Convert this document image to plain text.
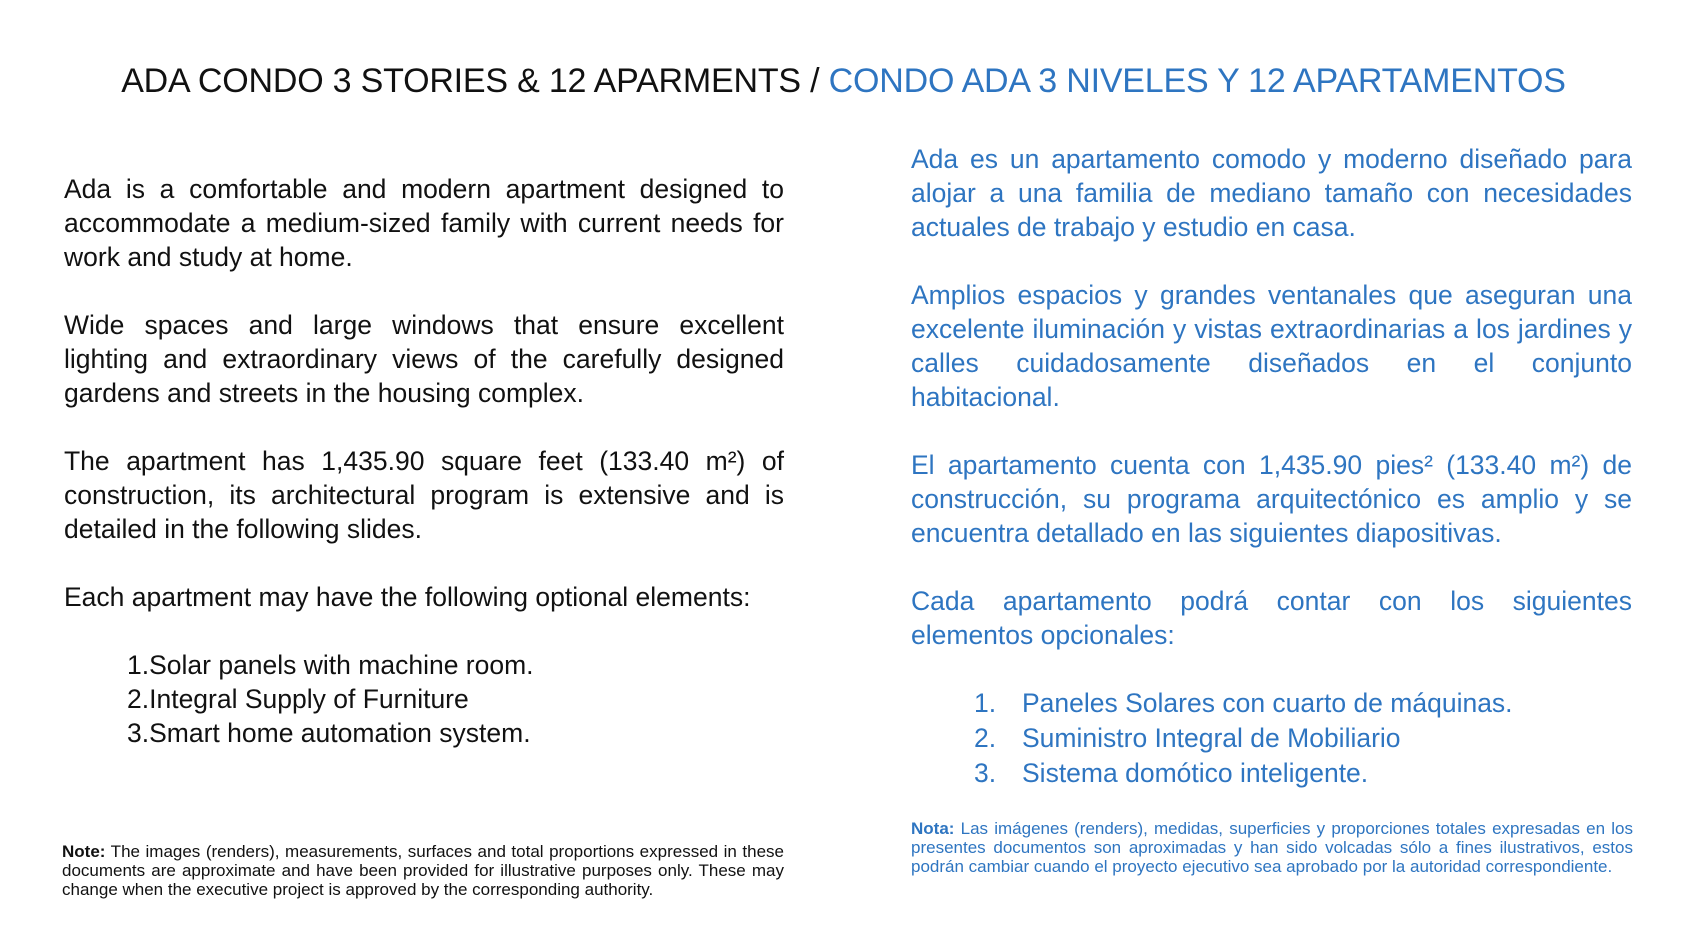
ADA CONDO 3 STORIES & 12 APARMENTS / CONDO ADA 3 NIVELES Y 12 APARTAMENTOS

Ada is a comfortable and modern apartment designed to accommodate a medium-sized family with current needs for work and study at home.

Wide spaces and large windows that ensure excellent lighting and extraordinary views of the carefully designed gardens and streets in the housing complex.

The apartment has 1,435.90 square feet (133.40 m²) of construction, its architectural program is extensive and is detailed in the following slides.

Each apartment may have the following optional elements:

1.Solar panels with machine room.
2.Integral Supply of Furniture
3.Smart home automation system.
Note: The images (renders), measurements, surfaces and total proportions expressed in these documents are approximate and have been provided for illustrative purposes only. These may change when the executive project is approved by the corresponding authority.

Ada es un apartamento comodo y moderno diseñado para alojar a una familia de mediano tamaño con necesidades actuales de trabajo y estudio en casa.

Amplios espacios y grandes ventanales que aseguran una excelente iluminación y vistas extraordinarias a los jardines y calles cuidadosamente diseñados en el conjunto habitacional.

El apartamento cuenta con 1,435.90 pies² (133.40 m²) de construcción, su programa arquitectónico es amplio y se encuentra detallado en las siguientes diapositivas.

Cada apartamento podrá contar con los siguientes elementos opcionales:

1. Paneles Solares con cuarto de máquinas.
2. Suministro Integral de Mobiliario
3. Sistema domótico inteligente.
Nota: Las imágenes (renders), medidas, superficies y proporciones totales expresadas en los presentes documentos son aproximadas y han sido volcadas sólo a fines ilustrativos, estos podrán cambiar cuando el proyecto ejecutivo sea aprobado por la autoridad correspondiente.
